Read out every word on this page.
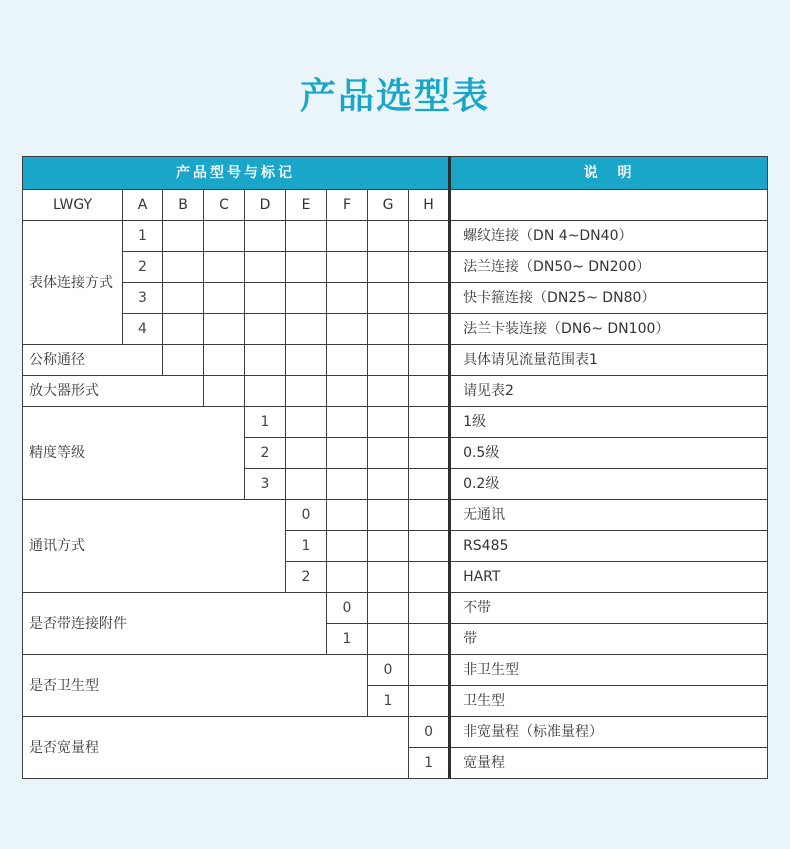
产品选型表
产品型号与标记									说　明
LWGY	A	B	C	D	E	F	G	H	
表体连接方式	1								螺纹连接（DN 4~DN40）
	2								法兰连接（DN50~ DN200）
	3								快卡箍连接（DN25~ DN80）
	4								法兰卡装连接（DN6~ DN100）
公称通径									具体请见流量范围表1
放大器形式									请见表2
精度等级				1					1级
				2					0.5级
				3					0.2级
通讯方式					0				无通讯
					1				RS485
					2				HART
是否带连接附件						0			不带
						1			带
是否卫生型							0		非卫生型
							1		卫生型
是否宽量程								0	非宽量程（标准量程）
								1	宽量程
